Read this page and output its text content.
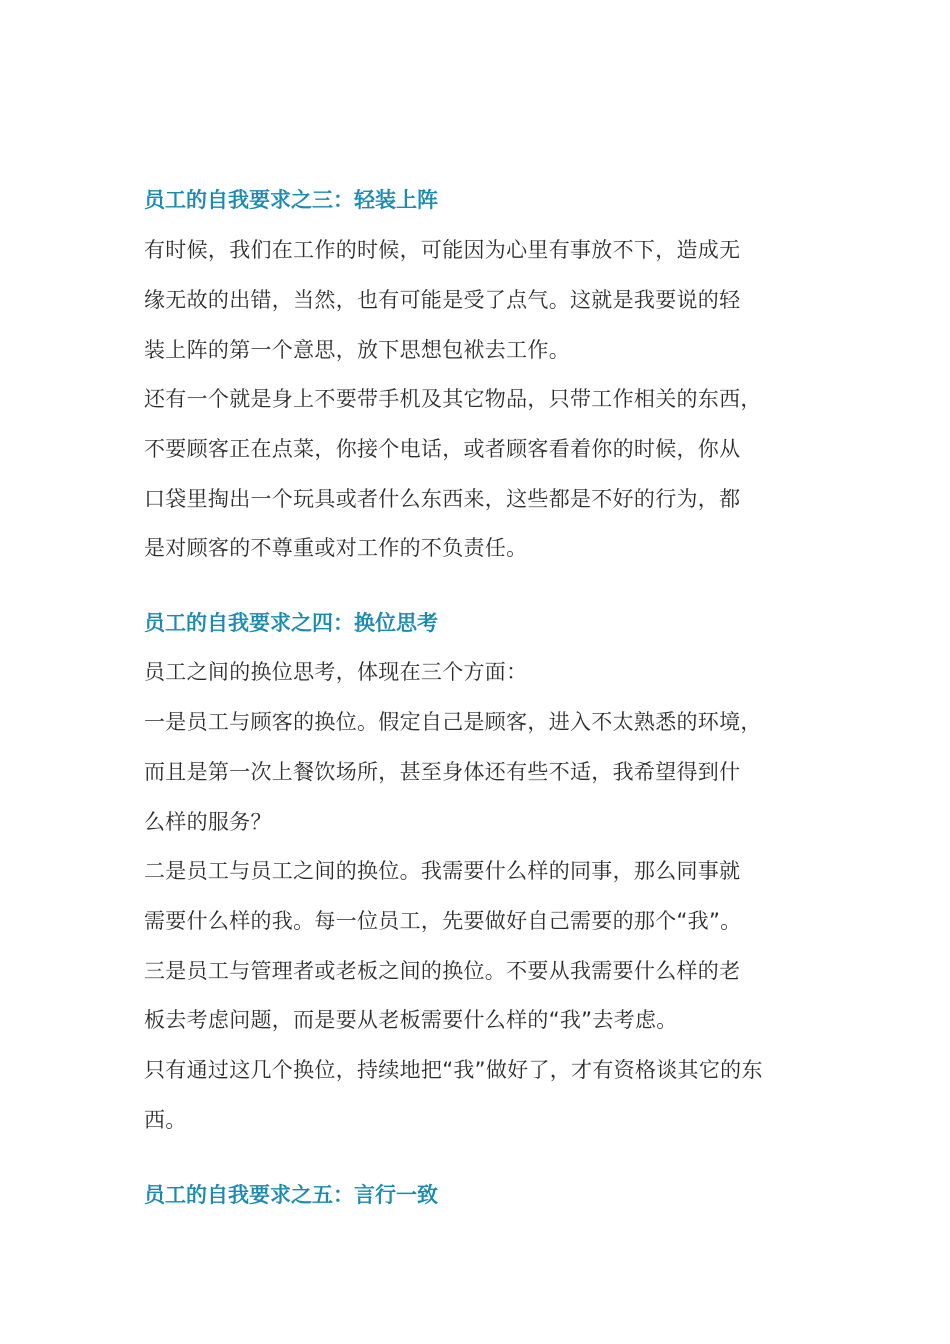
员工的自我要求之三：轻装上阵
有时候，我们在工作的时候，可能因为心里有事放不下，造成无
缘无故的出错，当然，也有可能是受了点气。这就是我要说的轻
装上阵的第一个意思，放下思想包袱去工作。
还有一个就是身上不要带手机及其它物品，只带工作相关的东西，
不要顾客正在点菜，你接个电话，或者顾客看着你的时候，你从
口袋里掏出一个玩具或者什么东西来，这些都是不好的行为，都
是对顾客的不尊重或对工作的不负责任。
员工的自我要求之四：换位思考
员工之间的换位思考，体现在三个方面：
一是员工与顾客的换位。假定自己是顾客，进入不太熟悉的环境，
而且是第一次上餐饮场所，甚至身体还有些不适，我希望得到什
么样的服务？
二是员工与员工之间的换位。我需要什么样的同事，那么同事就
需要什么样的我。每一位员工，先要做好自己需要的那个“我”。
三是员工与管理者或老板之间的换位。不要从我需要什么样的老
板去考虑问题，而是要从老板需要什么样的“我”去考虑。
只有通过这几个换位，持续地把“我”做好了，才有资格谈其它的东
西。
员工的自我要求之五：言行一致
